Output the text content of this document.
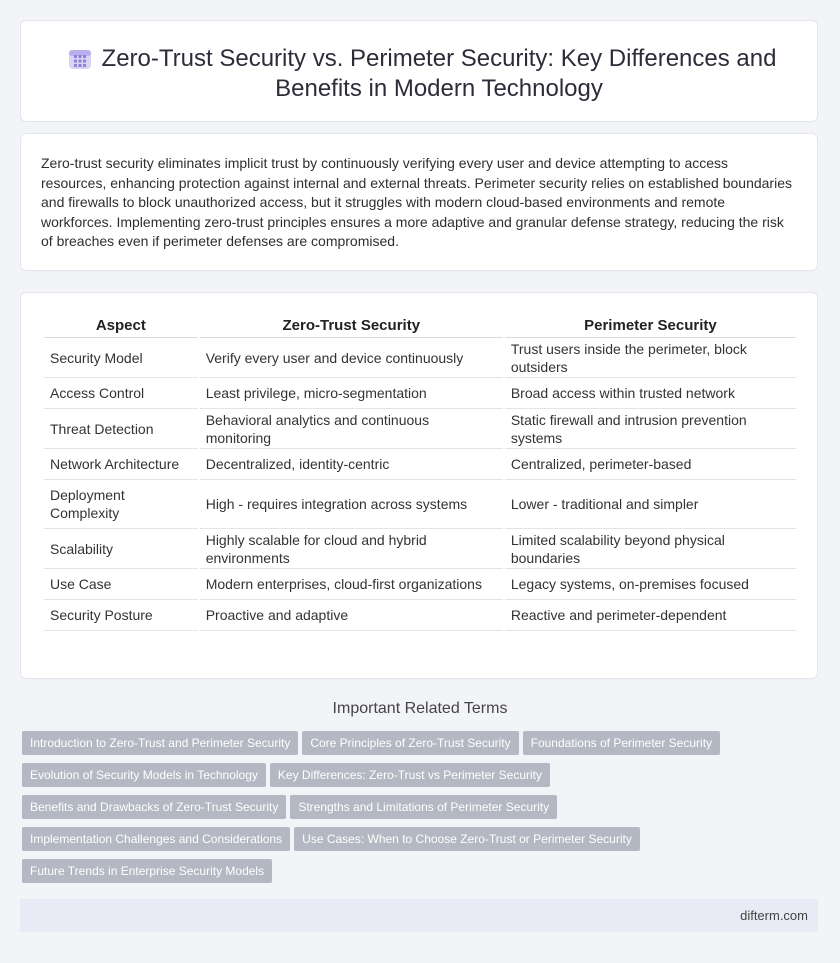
Zero-Trust Security vs. Perimeter Security: Key Differences and Benefits in Modern Technology

Zero-trust security eliminates implicit trust by continuously verifying every user and device attempting to access resources, enhancing protection against internal and external threats. Perimeter security relies on established boundaries and firewalls to block unauthorized access, but it struggles with modern cloud-based environments and remote workforces. Implementing zero-trust principles ensures a more adaptive and granular defense strategy, reducing the risk of breaches even if perimeter defenses are compromised.

Aspect	Zero-Trust Security	Perimeter Security
Security Model	Verify every user and device continuously	Trust users inside the perimeter, block outsiders
Access Control	Least privilege, micro-segmentation	Broad access within trusted network
Threat Detection	Behavioral analytics and continuous monitoring	Static firewall and intrusion prevention systems
Network Architecture	Decentralized, identity-centric	Centralized, perimeter-based
Deployment Complexity	High - requires integration across systems	Lower - traditional and simpler
Scalability	Highly scalable for cloud and hybrid environments	Limited scalability beyond physical boundaries
Use Case	Modern enterprises, cloud-first organizations	Legacy systems, on-premises focused
Security Posture	Proactive and adaptive	Reactive and perimeter-dependent
Important Related Terms
Introduction to Zero-Trust and Perimeter Security Core Principles of Zero-Trust Security Foundations of Perimeter Security
Evolution of Security Models in Technology Key Differences: Zero-Trust vs Perimeter Security
Benefits and Drawbacks of Zero-Trust Security Strengths and Limitations of Perimeter Security
Implementation Challenges and Considerations Use Cases: When to Choose Zero-Trust or Perimeter Security
Future Trends in Enterprise Security Models
difterm.com
